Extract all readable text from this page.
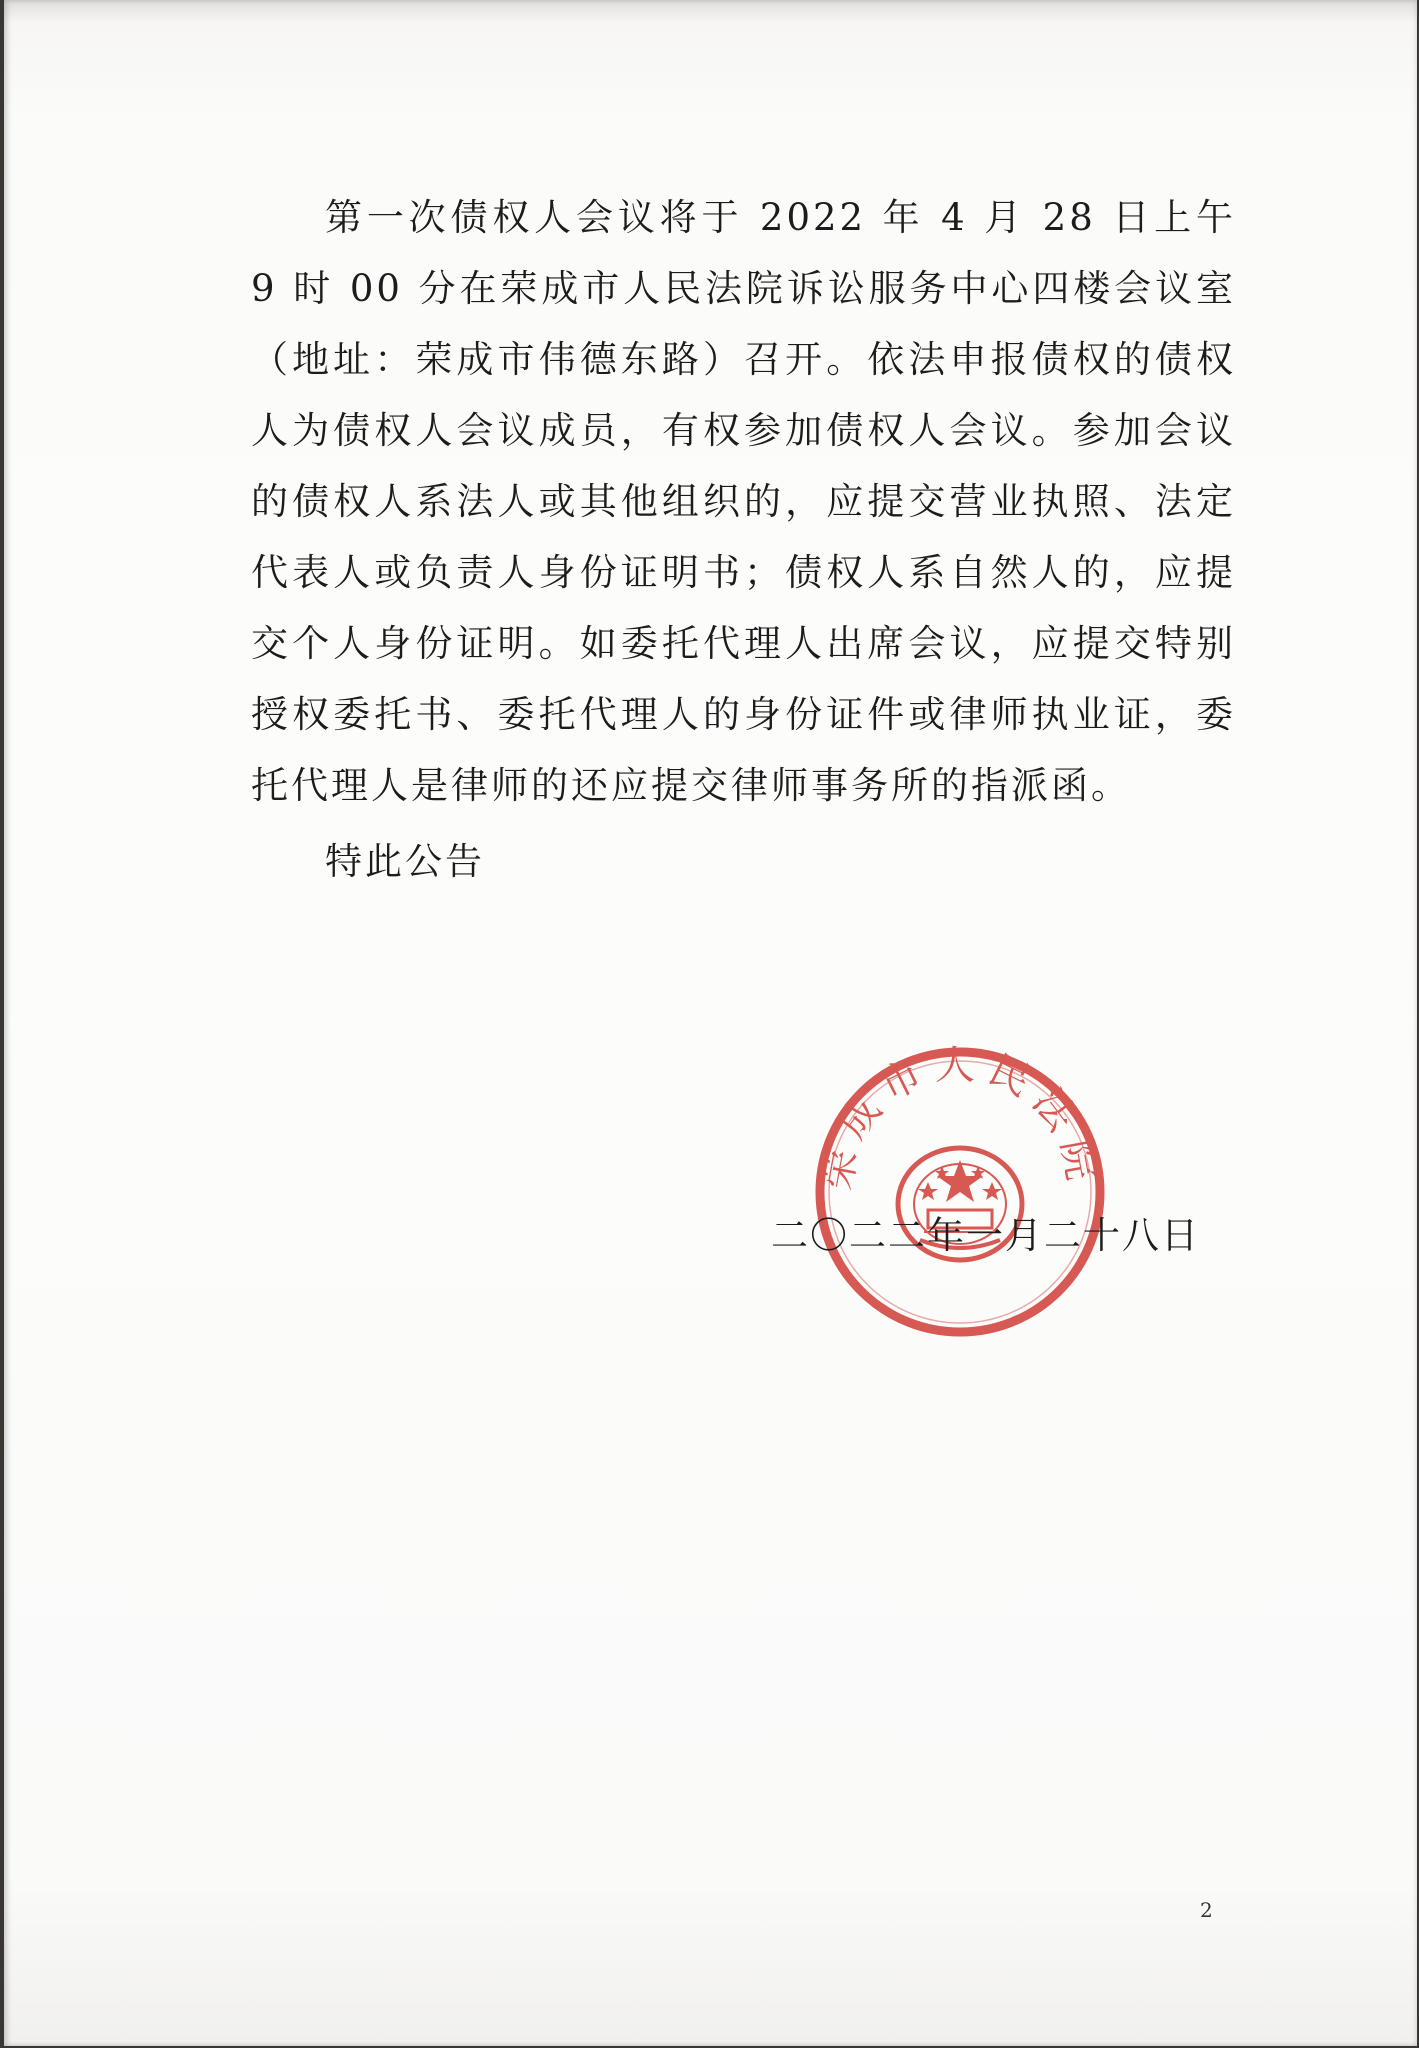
第一次债权人会议将于 2022 年 4 月 28 日上午 9 时 00 分在荣成市人民法院诉讼服务中心四楼会议室（地址：荣成市伟德东路）召开。依法申报债权的债权人为债权人会议成员，有权参加债权人会议。参加会议的债权人系法人或其他组织的，应提交营业执照、法定代表人或负责人身份证明书；债权人系自然人的，应提交个人身份证明。如委托代理人出席会议，应提交特别授权委托书、委托代理人的身份证件或律师执业证，委托代理人是律师的还应提交律师事务所的指派函。

特此公告

荣成市人民法院

二〇二二年一月二十八日

2
